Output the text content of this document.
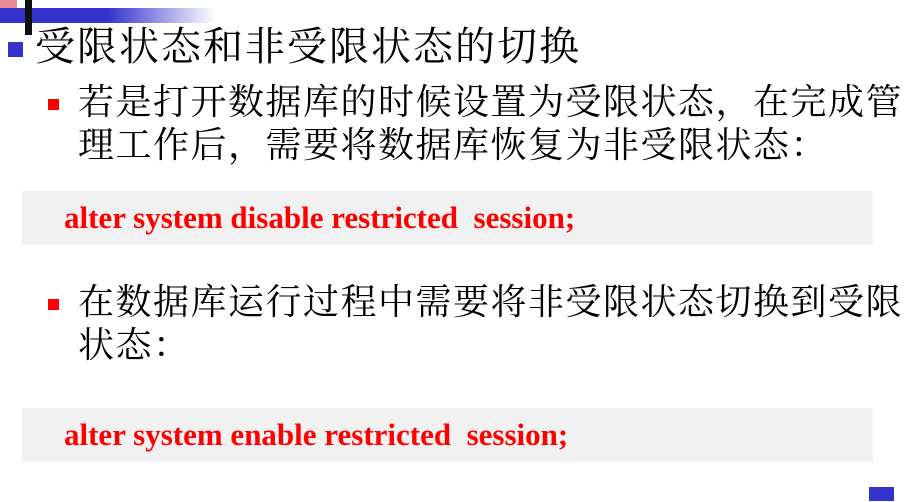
受限状态和非受限状态的切换
若是打开数据库的时候设置为受限状态，在完成管
理工作后，需要将数据库恢复为非受限状态：
alter system disable restricted  session;
在数据库运行过程中需要将非受限状态切换到受限
状态：
alter system enable restricted  session;
